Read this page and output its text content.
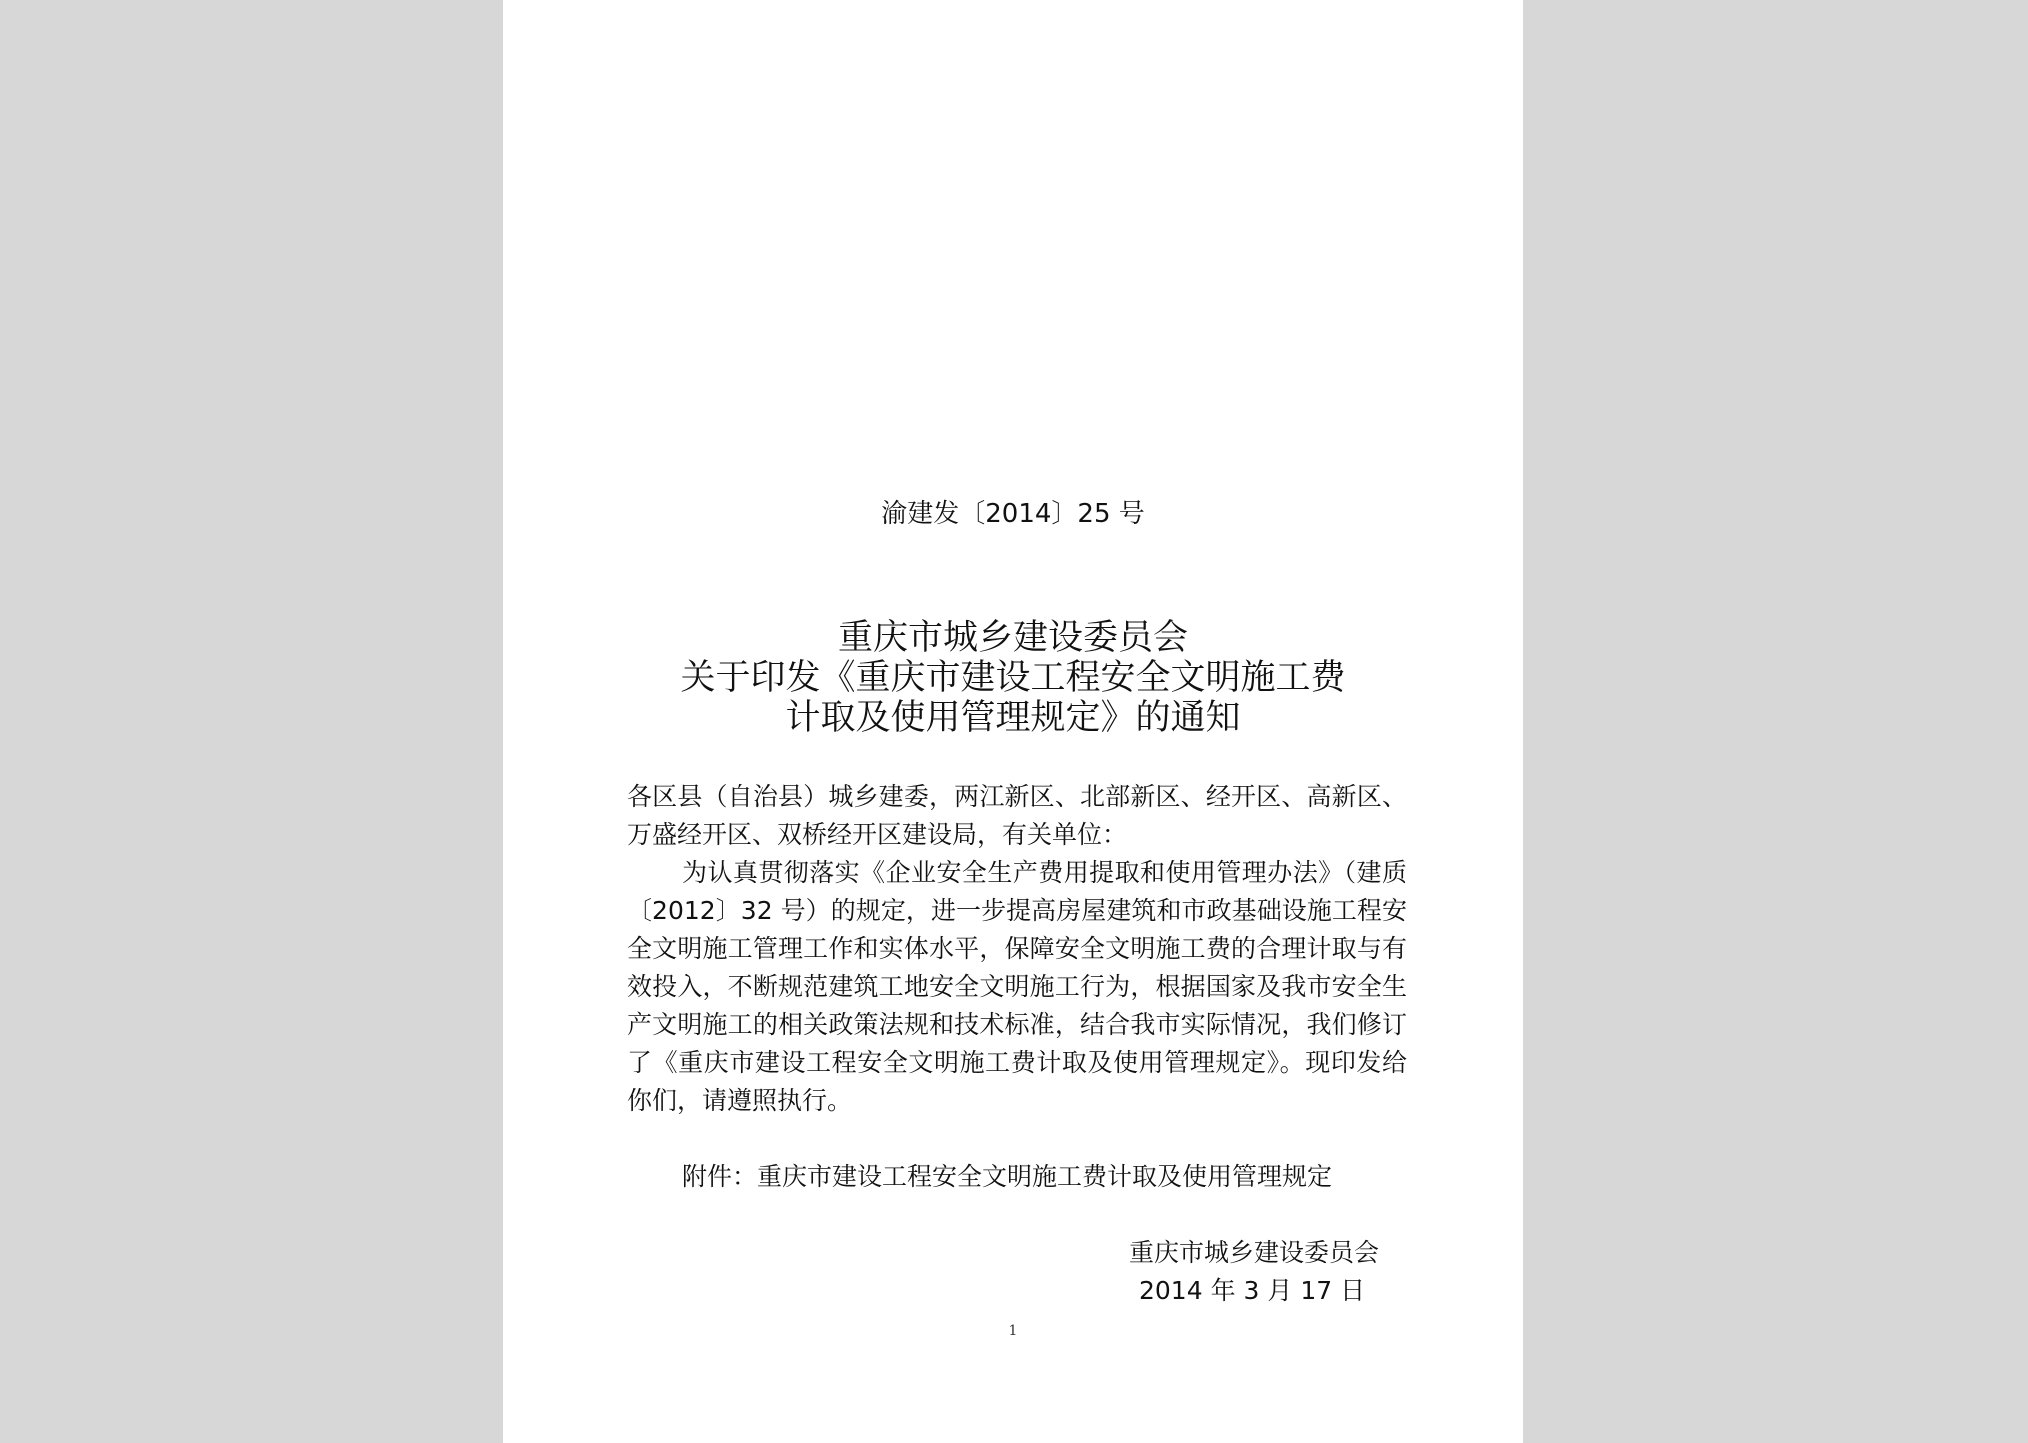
渝建发〔2014〕25 号
重庆市城乡建设委员会
关于印发《重庆市建设工程安全文明施工费
计取及使用管理规定》的通知

各区县（自治县）城乡建委，两江新区、北部新区、经开区、高新区、万盛经开区、双桥经开区建设局，有关单位：

为认真贯彻落实《企业安全生产费用提取和使用管理办法》（建质〔2012〕32 号）的规定，进一步提高房屋建筑和市政基础设施工程安全文明施工管理工作和实体水平，保障安全文明施工费的合理计取与有效投入，不断规范建筑工地安全文明施工行为，根据国家及我市安全生产文明施工的相关政策法规和技术标准，结合我市实际情况，我们修订了《重庆市建设工程安全文明施工费计取及使用管理规定》。现印发给你们，请遵照执行。

附件：重庆市建设工程安全文明施工费计取及使用管理规定
重庆市城乡建设委员会
2014 年 3 月 17 日
1
